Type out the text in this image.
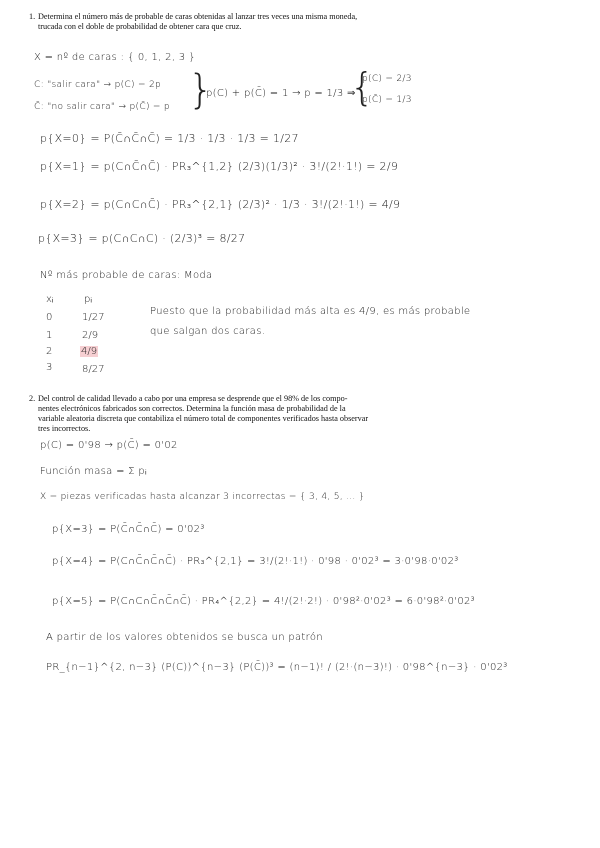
1. Determina el número más de probable de caras obtenidas al lanzar tres veces una misma moneda,
trucada con el doble de probabilidad de obtener cara que cruz.
X = nº de caras : { 0, 1, 2, 3 }
C: "salir cara" → p(C) = 2p
C̄: "no salir cara" → p(C̄) = p }
p(C) + p(C̄) = 1 → p = 1/3 ⇒
{
p(C) = 2/3
p(C̄) = 1/3
p{X=0} = P(C̄∩C̄∩C̄) = 1/3 · 1/3 · 1/3 = 1/27
p{X=1} = p(C∩C̄∩C̄) · PR₃^{1,2} (2/3)(1/3)² · 3!/(2!·1!) = 2/9
p{X=2} = p(C∩C∩C̄) · PR₃^{2,1} (2/3)² · 1/3 · 3!/(2!·1!) = 4/9
p{X=3} = p(C∩C∩C) · (2/3)³ = 8/27
Nº más probable de caras: Moda
xᵢ	pᵢ
0	1/27
1	2/9
2	4/9
3	8/27
Puesto que la probabilidad más alta es 4/9, es más probable
que salgan dos caras.
2. Del control de calidad llevado a cabo por una empresa se desprende que el 98% de los compo-
nentes electrónicos fabricados son correctos. Determina la función masa de probabilidad de la
variable aleatoria discreta que contabiliza el número total de componentes verificados hasta observar
tres incorrectos.
p(C) = 0'98 → p(C̄) = 0'02
Función masa = Σ pᵢ
X = piezas verificadas hasta alcanzar 3 incorrectas = { 3, 4, 5, ... }
p{X=3} = P(C̄∩C̄∩C̄) = 0'02³
p{X=4} = P(C∩C̄∩C̄∩C̄) · PR₃^{2,1} = 3!/(2!·1!) · 0'98 · 0'02³ = 3·0'98·0'02³
p{X=5} = P(C∩C∩C̄∩C̄∩C̄) · PR₄^{2,2} = 4!/(2!·2!) · 0'98²·0'02³ = 6·0'98²·0'02³
A partir de los valores obtenidos se busca un patrón
PR_{n−1}^{2, n−3} (P(C))^{n−3} (P(C̄))³ = (n−1)! / (2!·(n−3)!) · 0'98^{n−3} · 0'02³
